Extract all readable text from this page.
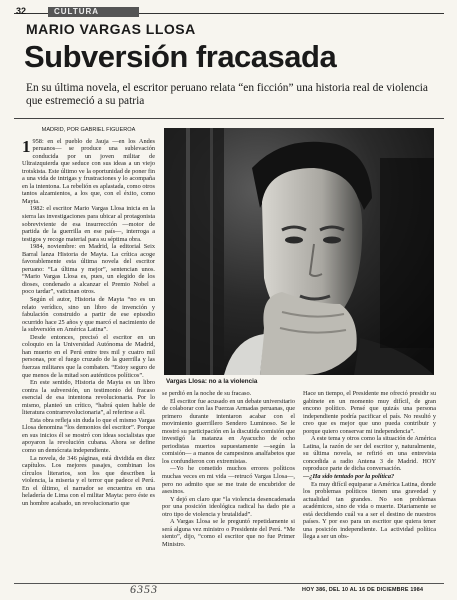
32	CULTURA
MARIO VARGAS LLOSA
Subversión fracasada
En su última novela, el escritor peruano relata “en ficción” una historia real de violencia que estremeció a su patria
MADRID, POR GABRIEL FIGUEROA

1 958: en el pueblo de Jauja —en los Andes peruanos— se produce una sublevación conducida por un joven militar de Ultraizquierda que seduce con sus ideas a un viejo trotskista. Este último ve la oportunidad de poner fin a una vida de intrigas y frustraciones y lo acompaña en la intentona. La rebelión es aplastada, como otros tantos alzamientos, a los que, con el éxito, como Mayta.

1982: el escritor Mario Vargas Llosa inicia en la sierra las investigaciones para ubicar al protagonista sobreviviente de esa insurrección —motor de partida de la guerrilla en ese país—, interroga a testigos y recoge material para su séptima obra.

1984, noviembre: en Madrid, la editorial Seix Barral lanza Historia de Mayta. La crítica acoge favorablemente esta última novela del escritor peruano: “La última y mejor”, sentencian unos. “Mario Vargas Llosa es, pues, un elegido de los dioses, condenado a alcanzar el Premio Nobel a poco tardar”, vaticinan otros.

Según el autor, Historia de Mayta “no es un relato verídico, sino un libro de invención y fabulación construido a partir de ese episodio ocurrido hace 25 años y que marcó el nacimiento de la subversión en América Latina”.

Desde entonces, precisó el escritor en un coloquio en la Universidad Autónoma de Madrid, han muerto en el Perú entre tres mil y cuatro mil personas, por el fuego cruzado de la guerrilla y las fuerzas militares que la combaten. “Estoy seguro de que menos de la mitad son auténticos políticos”.

En este sentido, Historia de Mayta es un libro contra la subversión, un testimonio del fracaso esencial de esa intentona revolucionaria. Por lo mismo, planteó un crítico, “habrá quien hable de literatura contrarrevolucionaria”, al referirse a él.

Esta obra refleja sin duda lo que el mismo Vargas Llosa denomina “los demonios del escritor”. Porque en sus inicios él se mostró con ideas socialistas que apoyaron la revolución cubana. Ahora se define como un demócrata independiente.

La novela, de 346 páginas, está dividida en diez capítulos. Los mejores pasajes, combinan los círculos literarios, son los que describen la violencia, la miseria y el terror que padece el Perú. En el último, el narrador se encuentra en una heladería de Lima con el militar Mayta: pero éste es un hombre acabado, un revolucionario que

Vargas Llosa: no a la violencia

se perdió en la noche de su fracaso.

El escritor fue acusado en un debate universitario de colaborar con las Fuerzas Armadas peruanas, que primero durante intentaron acabar con el movimiento guerrillero Sendero Luminoso. Se le mostró su participación en la discutida comisión que investigó la matanza en Ayacucho de ocho periodistas muertos supuestamente —según la comisión— a manos de campesinos analfabetos que los confundieron con extremistas.

—Yo he cometido muchos errores políticos muchas veces en mi vida —retrucó Vargas Llosa—, pero no admito que se me trate de encubridor de asesinos.

Y dejó en claro que “la violencia desencadenada por una posición ideológica radical ha dado pie a otro tipo de violencia y brutalidad”.

A Vargas Llosa se le preguntó repetidamente si será alguna vez ministro o Presidente del Perú. “Me siento”, dijo, “como el escritor que no fue Primer Ministro.

Hace un tiempo, el Presidente me ofreció presidir su gabinete en un momento muy difícil, de gran encono político. Pensé que quizás una persona independiente podría pacificar el país. No resultó y creo que es mejor que uno pueda contribuir y porque quiero conservar mi independencia”.

A este tema y otros como la situación de América Latina, la razón de ser del escritor y, naturalmente, su última novela, se refirió en una entrevista concedida a radio Antena 3 de Madrid. HOY reproduce parte de dicha conversación.

—¿Ha sido tentado por la política?

Es muy difícil equiparar a América Latina, donde los problemas políticos tienen una gravedad y actualidad tan grandes. No son problemas académicos, sino de vida o muerte. Diariamente se está decidiendo cuál va a ser el destino de nuestros países. Y por eso para un escritor que quiera tener una posición independiente. La actividad política llega a ser un obs-

6353	HOY 386, DEL 10 AL 16 DE DICIEMBRE 1984
